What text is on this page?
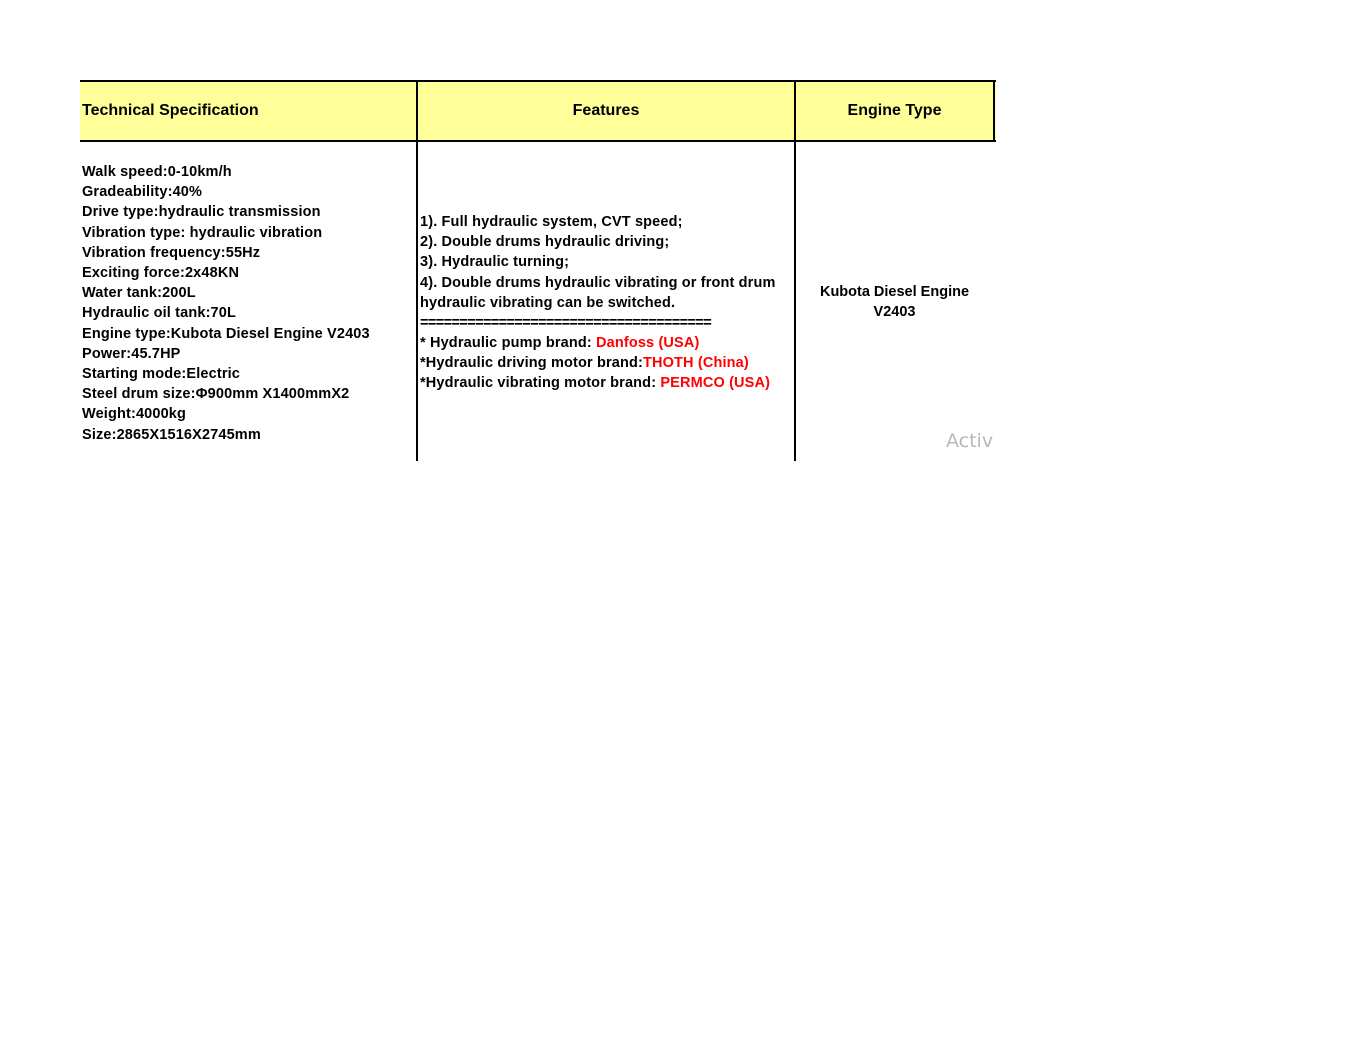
Technical Specification	Features	Engine Type
Walk speed:0-10km/h
Gradeability:40%
Drive type:hydraulic transmission
Vibration type: hydraulic vibration
Vibration frequency:55Hz
Exciting force:2x48KN
Water tank:200L
Hydraulic oil tank:70L
Engine type:Kubota Diesel Engine V2403
Power:45.7HP
Starting mode:Electric
Steel drum size:Φ900mm X1400mmX2
Weight:4000kg
Size:2865X1516X2745mm
1). Full hydraulic system, CVT speed;
2). Double drums hydraulic driving;
3). Hydraulic turning;
4). Double drums hydraulic vibrating or front drum hydraulic vibrating can be switched.
=====================================
* Hydraulic pump brand: Danfoss (USA)
*Hydraulic driving motor brand:THOTH (China)
*Hydraulic vibrating motor brand: PERMCO (USA)
Kubota Diesel Engine
V2403
Activ
